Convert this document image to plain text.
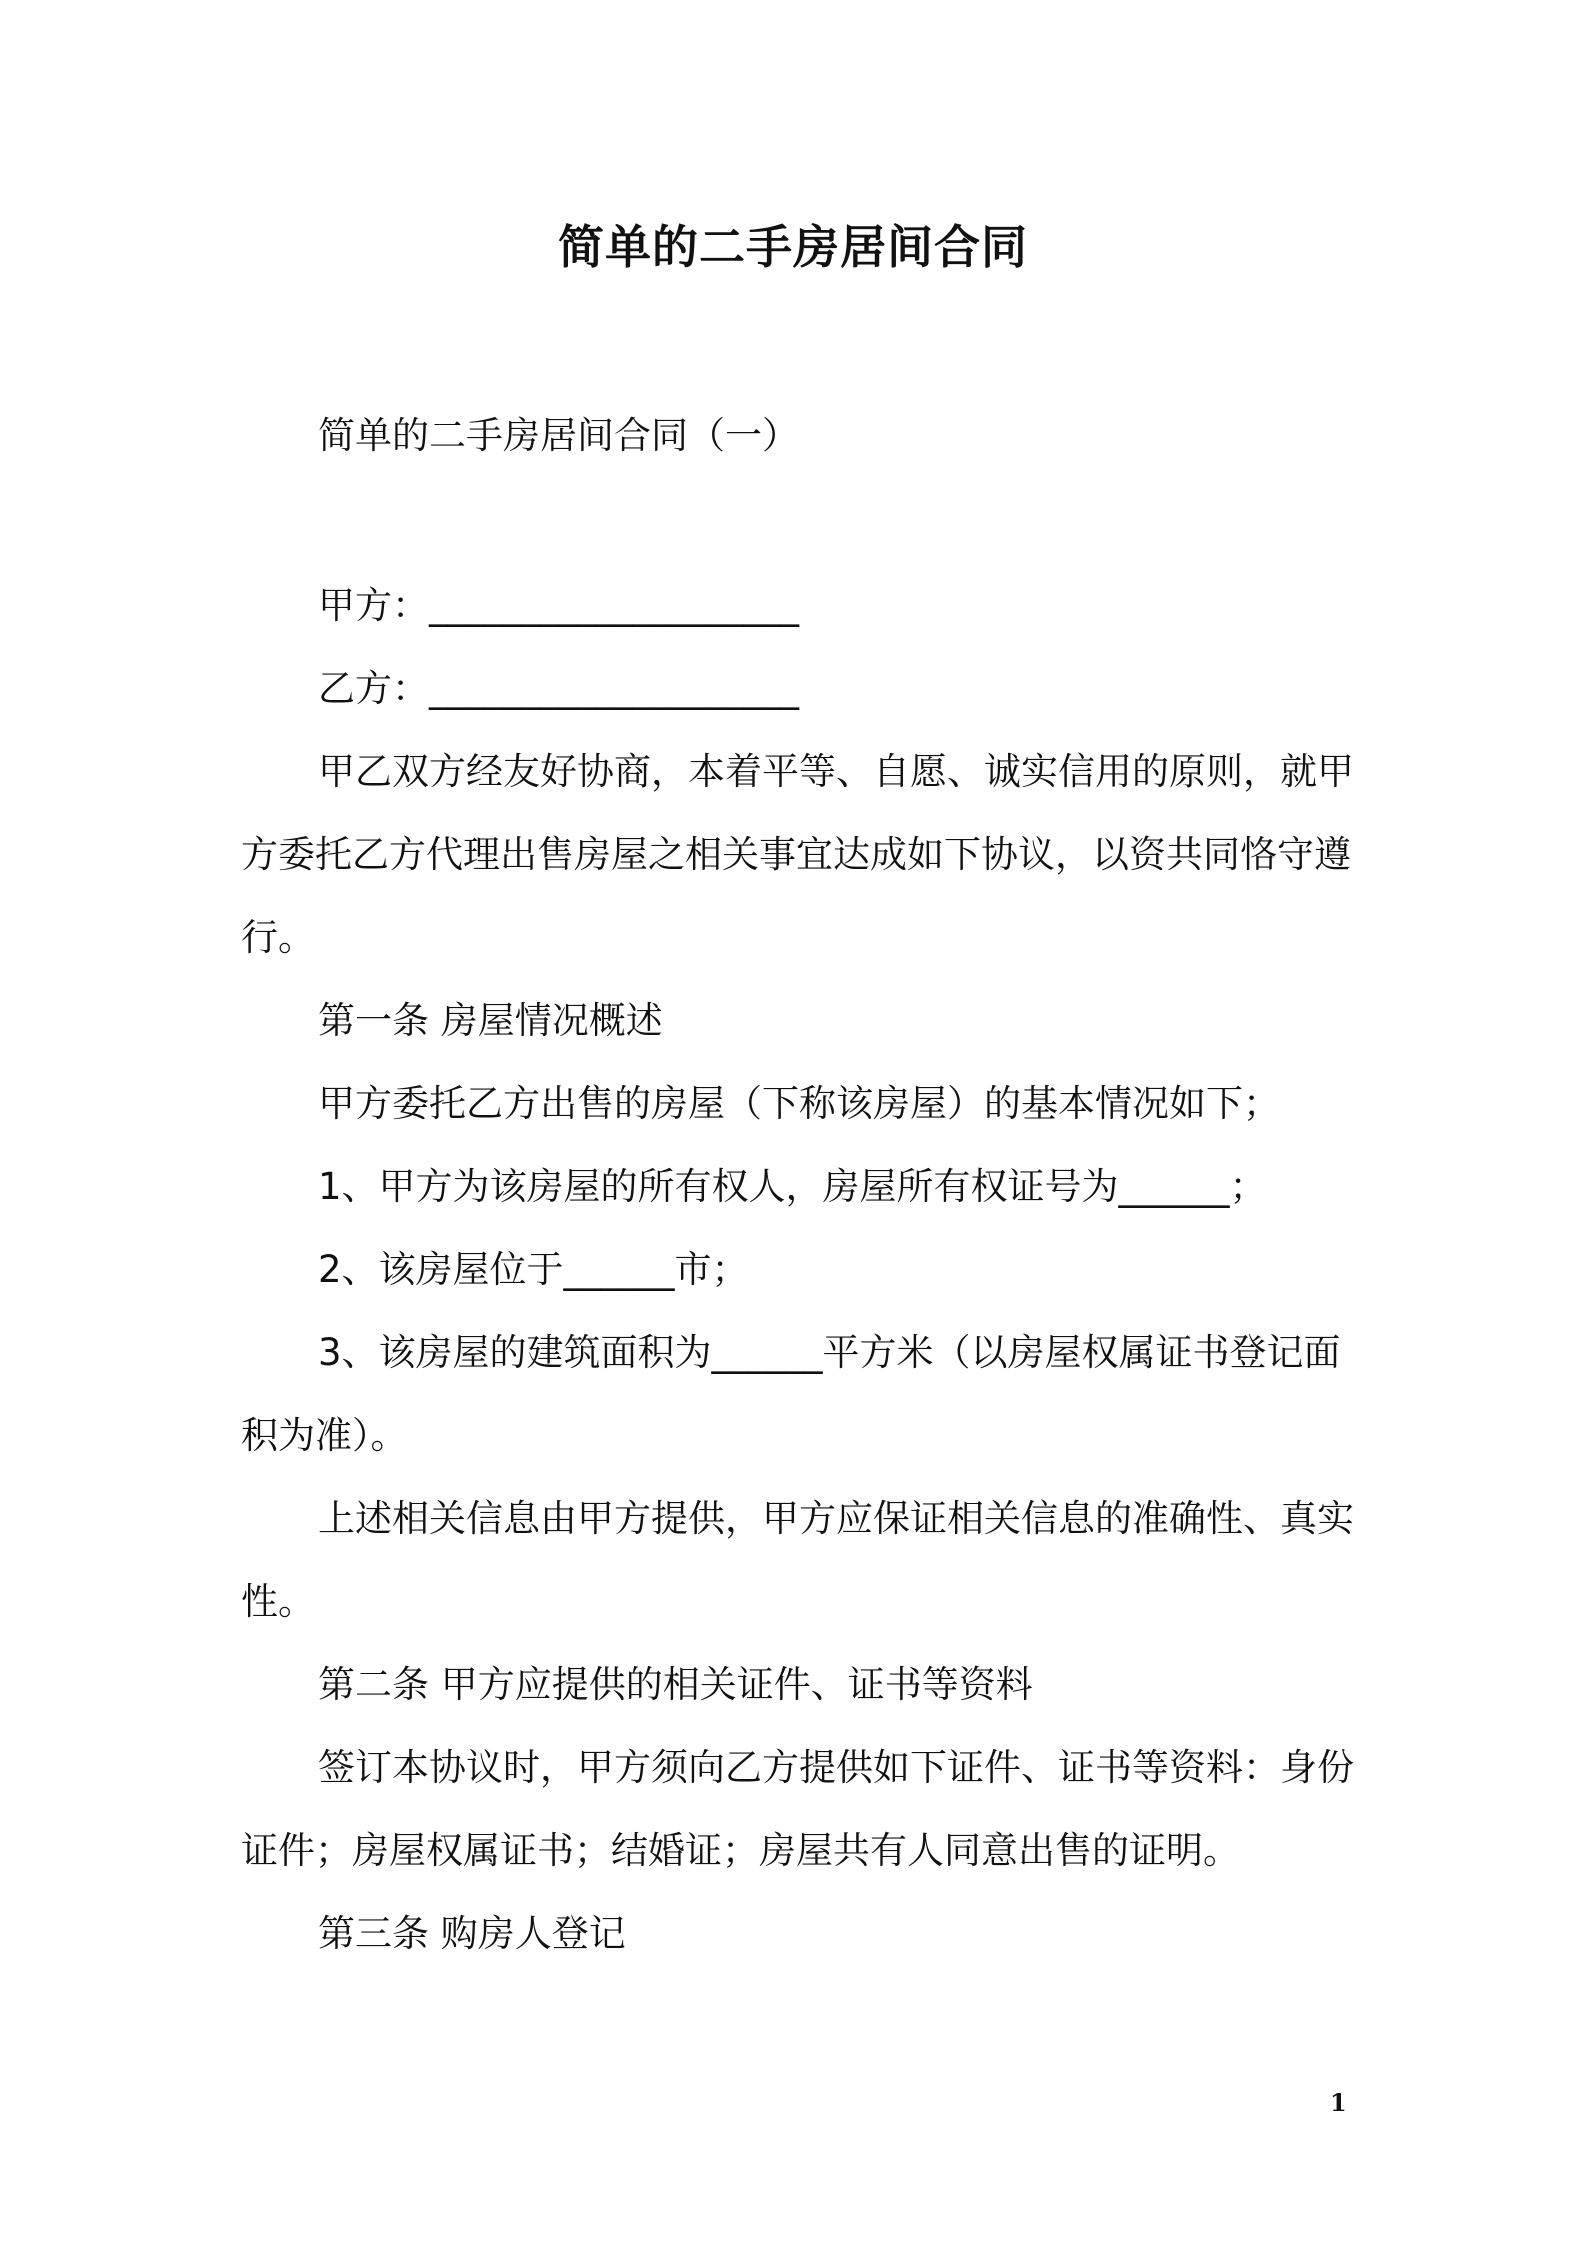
简单的二手房居间合同
简单的二手房居间合同（一）
甲方：____________________
乙方：____________________
甲乙双方经友好协商，本着平等、自愿、诚实信用的原则，就甲
方委托乙方代理出售房屋之相关事宜达成如下协议，以资共同恪守遵
行。
第一条 房屋情况概述
甲方委托乙方出售的房屋（下称该房屋）的基本情况如下；
1、甲方为该房屋的所有权人，房屋所有权证号为______；
2、该房屋位于______市；
3、该房屋的建筑面积为______平方米（以房屋权属证书登记面
积为准）。
上述相关信息由甲方提供，甲方应保证相关信息的准确性、真实
性。
第二条 甲方应提供的相关证件、证书等资料
签订本协议时，甲方须向乙方提供如下证件、证书等资料：身份
证件；房屋权属证书；结婚证；房屋共有人同意出售的证明。
第三条 购房人登记
1
